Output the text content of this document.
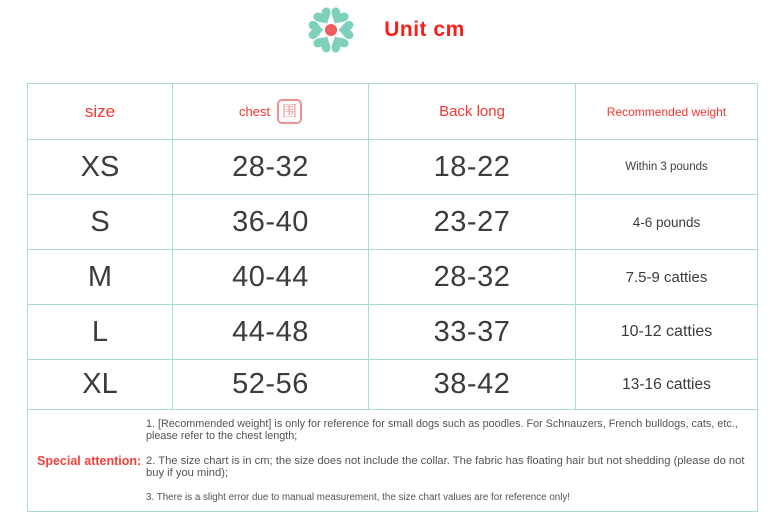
Unit cm
size	chest 围	Back long	Recommended weight
XS	28-32	18-22	Within 3 pounds
S	36-40	23-27	4-6 pounds
M	40-44	28-32	7.5-9 catties
L	44-48	33-37	10-12 catties
XL	52-56	38-42	13-16 catties
Special attention:
1. [Recommended weight] is only for reference for small dogs such as poodles. For Schnauzers, French bulldogs, cats, etc., please refer to the chest length;
2. The size chart is in cm; the size does not include the collar. The fabric has floating hair but not shedding (please do not buy if you mind);
3. There is a slight error due to manual measurement, the size chart values are for reference only!
